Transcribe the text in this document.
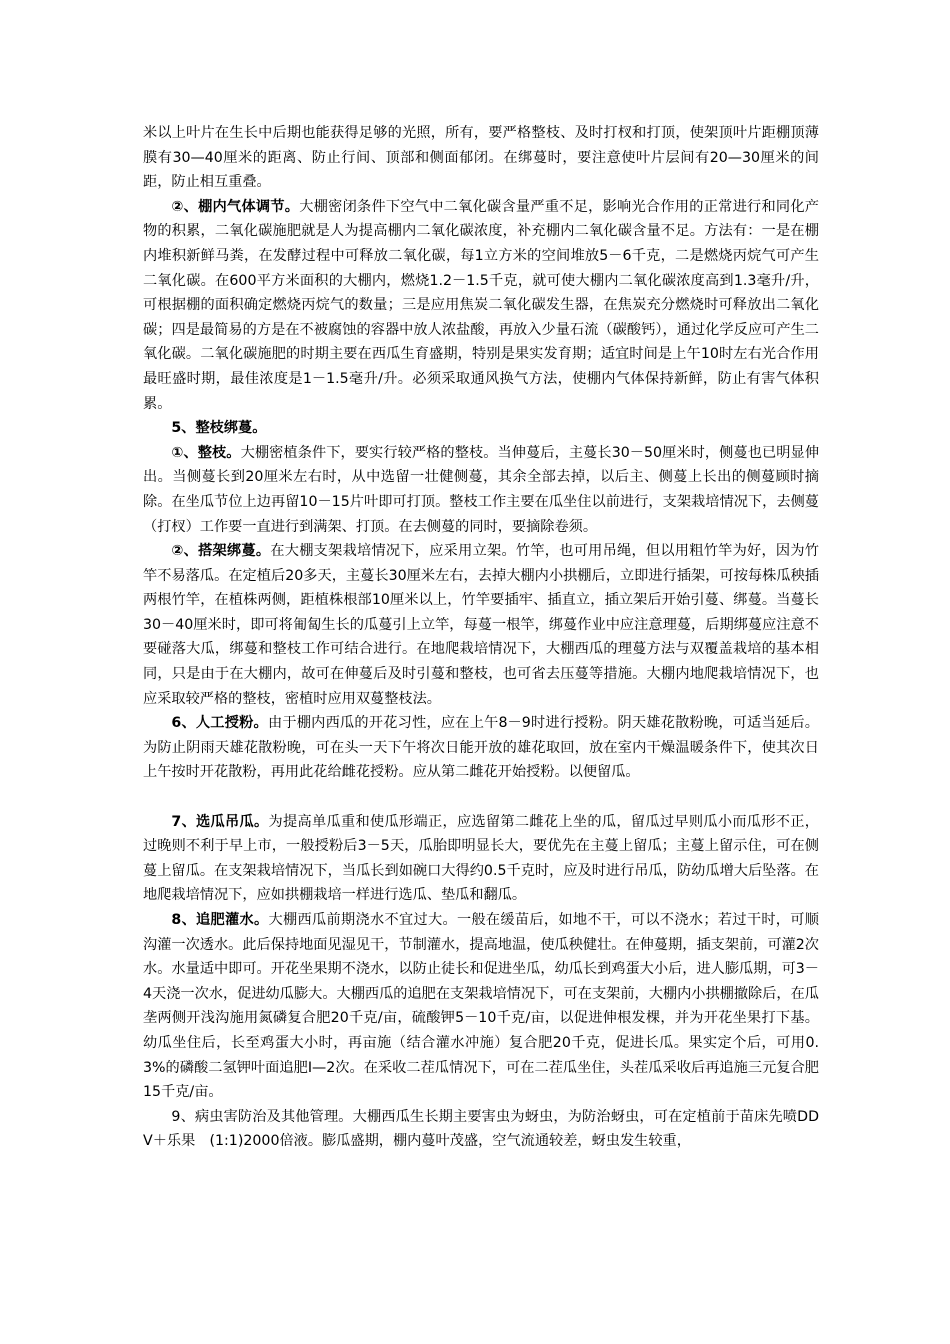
米以上叶片在生长中后期也能获得足够的光照，所有，要严格整枝、及时打杈和打顶，使架顶叶片距棚顶薄膜有30—40厘米的距离、防止行间、顶部和侧面郁闭。在绑蔓时，要注意使叶片层间有20—30厘米的间距，防止相互重叠。

②、棚内气体调节。大棚密闭条件下空气中二氧化碳含量严重不足，影响光合作用的正常进行和同化产物的积累，二氧化碳施肥就是人为提高棚内二氧化碳浓度，补充棚内二氧化碳含量不足。方法有：一是在棚内堆积新鲜马粪，在发酵过程中可释放二氧化碳，每1立方米的空间堆放5－6千克，二是燃烧丙烷气可产生二氧化碳。在600平方米面积的大棚内，燃烧1.2－1.5千克，就可使大棚内二氧化碳浓度高到1.3毫升/升，可根据棚的面积确定燃烧丙烷气的数量；三是应用焦炭二氧化碳发生器，在焦炭充分燃烧时可释放出二氧化碳；四是最简易的方是在不被腐蚀的容器中放人浓盐酸，再放入少量石流（碳酸钙），通过化学反应可产生二氧化碳。二氧化碳施肥的时期主要在西瓜生育盛期，特别是果实发育期；适宜时间是上午10时左右光合作用最旺盛时期，最佳浓度是1－1.5毫升/升。必须采取通风换气方法，使棚内气体保持新鲜，防止有害气体积累。

5、整枝绑蔓。

①、整枝。大棚密植条件下，要实行较严格的整枝。当伸蔓后，主蔓长30－50厘米时，侧蔓也已明显伸出。当侧蔓长到20厘米左右时，从中选留一壮健侧蔓，其余全部去掉，以后主、侧蔓上长出的侧蔓顾时摘除。在坐瓜节位上边再留10－15片叶即可打顶。整枝工作主要在瓜坐住以前进行，支架栽培情况下，去侧蔓（打杈）工作要一直进行到满架、打顶。在去侧蔓的同时，要摘除卷须。

②、搭架绑蔓。在大棚支架栽培情况下，应采用立架。竹竿，也可用吊绳，但以用粗竹竿为好，因为竹竿不易落瓜。在定植后20多天，主蔓长30厘米左右，去掉大棚内小拱棚后，立即进行插架，可按每株瓜秧插两根竹竿，在植株两侧，距植株根部10厘米以上，竹竿要插牢、插直立，插立架后开始引蔓、绑蔓。当蔓长30－40厘米时，即可将匍匐生长的瓜蔓引上立竿，每蔓一根竿，绑蔓作业中应注意理蔓，后期绑蔓应注意不要碰落大瓜，绑蔓和整枝工作可结合进行。在地爬栽培情况下，大棚西瓜的理蔓方法与双覆盖栽培的基本相同，只是由于在大棚内，故可在伸蔓后及时引蔓和整枝，也可省去压蔓等措施。大棚内地爬栽培情况下，也应采取较严格的整枝，密植时应用双蔓整枝法。

6、人工授粉。由于棚内西瓜的开花习性，应在上午8－9时进行授粉。阴天雄花散粉晚，可适当延后。为防止阴雨天雄花散粉晚，可在头一天下午将次日能开放的雄花取回，放在室内干燥温暖条件下，使其次日上午按时开花散粉，再用此花给雌花授粉。应从第二雌花开始授粉。以便留瓜。

7、选瓜吊瓜。为提高单瓜重和使瓜形端正，应选留第二雌花上坐的瓜，留瓜过早则瓜小而瓜形不正，过晚则不利于早上市，一般授粉后3－5天，瓜胎即明显长大，要优先在主蔓上留瓜；主蔓上留示住，可在侧蔓上留瓜。在支架栽培情况下，当瓜长到如碗口大得约0.5千克时，应及时进行吊瓜，防幼瓜增大后坠落。在地爬栽培情况下，应如拱棚栽培一样进行选瓜、垫瓜和翻瓜。

8、追肥灌水。大棚西瓜前期浇水不宜过大。一般在缓苗后，如地不干，可以不浇水；若过干时，可顺沟灌一次透水。此后保持地面见湿见干，节制灌水，提高地温，使瓜秧健壮。在伸蔓期，插支架前，可灌2次水。水量适中即可。开花坐果期不浇水，以防止徒长和促进坐瓜，幼瓜长到鸡蛋大小后，进人膨瓜期，可3－4天浇一次水，促进幼瓜膨大。大棚西瓜的追肥在支架栽培情况下，可在支架前，大棚内小拱棚撤除后，在瓜垄两侧开浅沟施用氮磷复合肥20千克/亩，硫酸钾5－10千克/亩，以促进伸根发棵，并为开花坐果打下基。幼瓜坐住后，长至鸡蛋大小时，再亩施（结合灌水冲施）复合肥20千克，促进长瓜。果实定个后，可用0.3%的磷酸二氢钾叶面追肥I—2次。在采收二茬瓜情况下，可在二茬瓜坐住，头茬瓜采收后再追施三元复合肥15千克/亩。

9、病虫害防治及其他管理。大棚西瓜生长期主要害虫为蚜虫，为防治蚜虫，可在定植前于苗床先喷DDV＋乐果　(1:1)2000倍液。膨瓜盛期，棚内蔓叶茂盛，空气流通较差，蚜虫发生较重，
